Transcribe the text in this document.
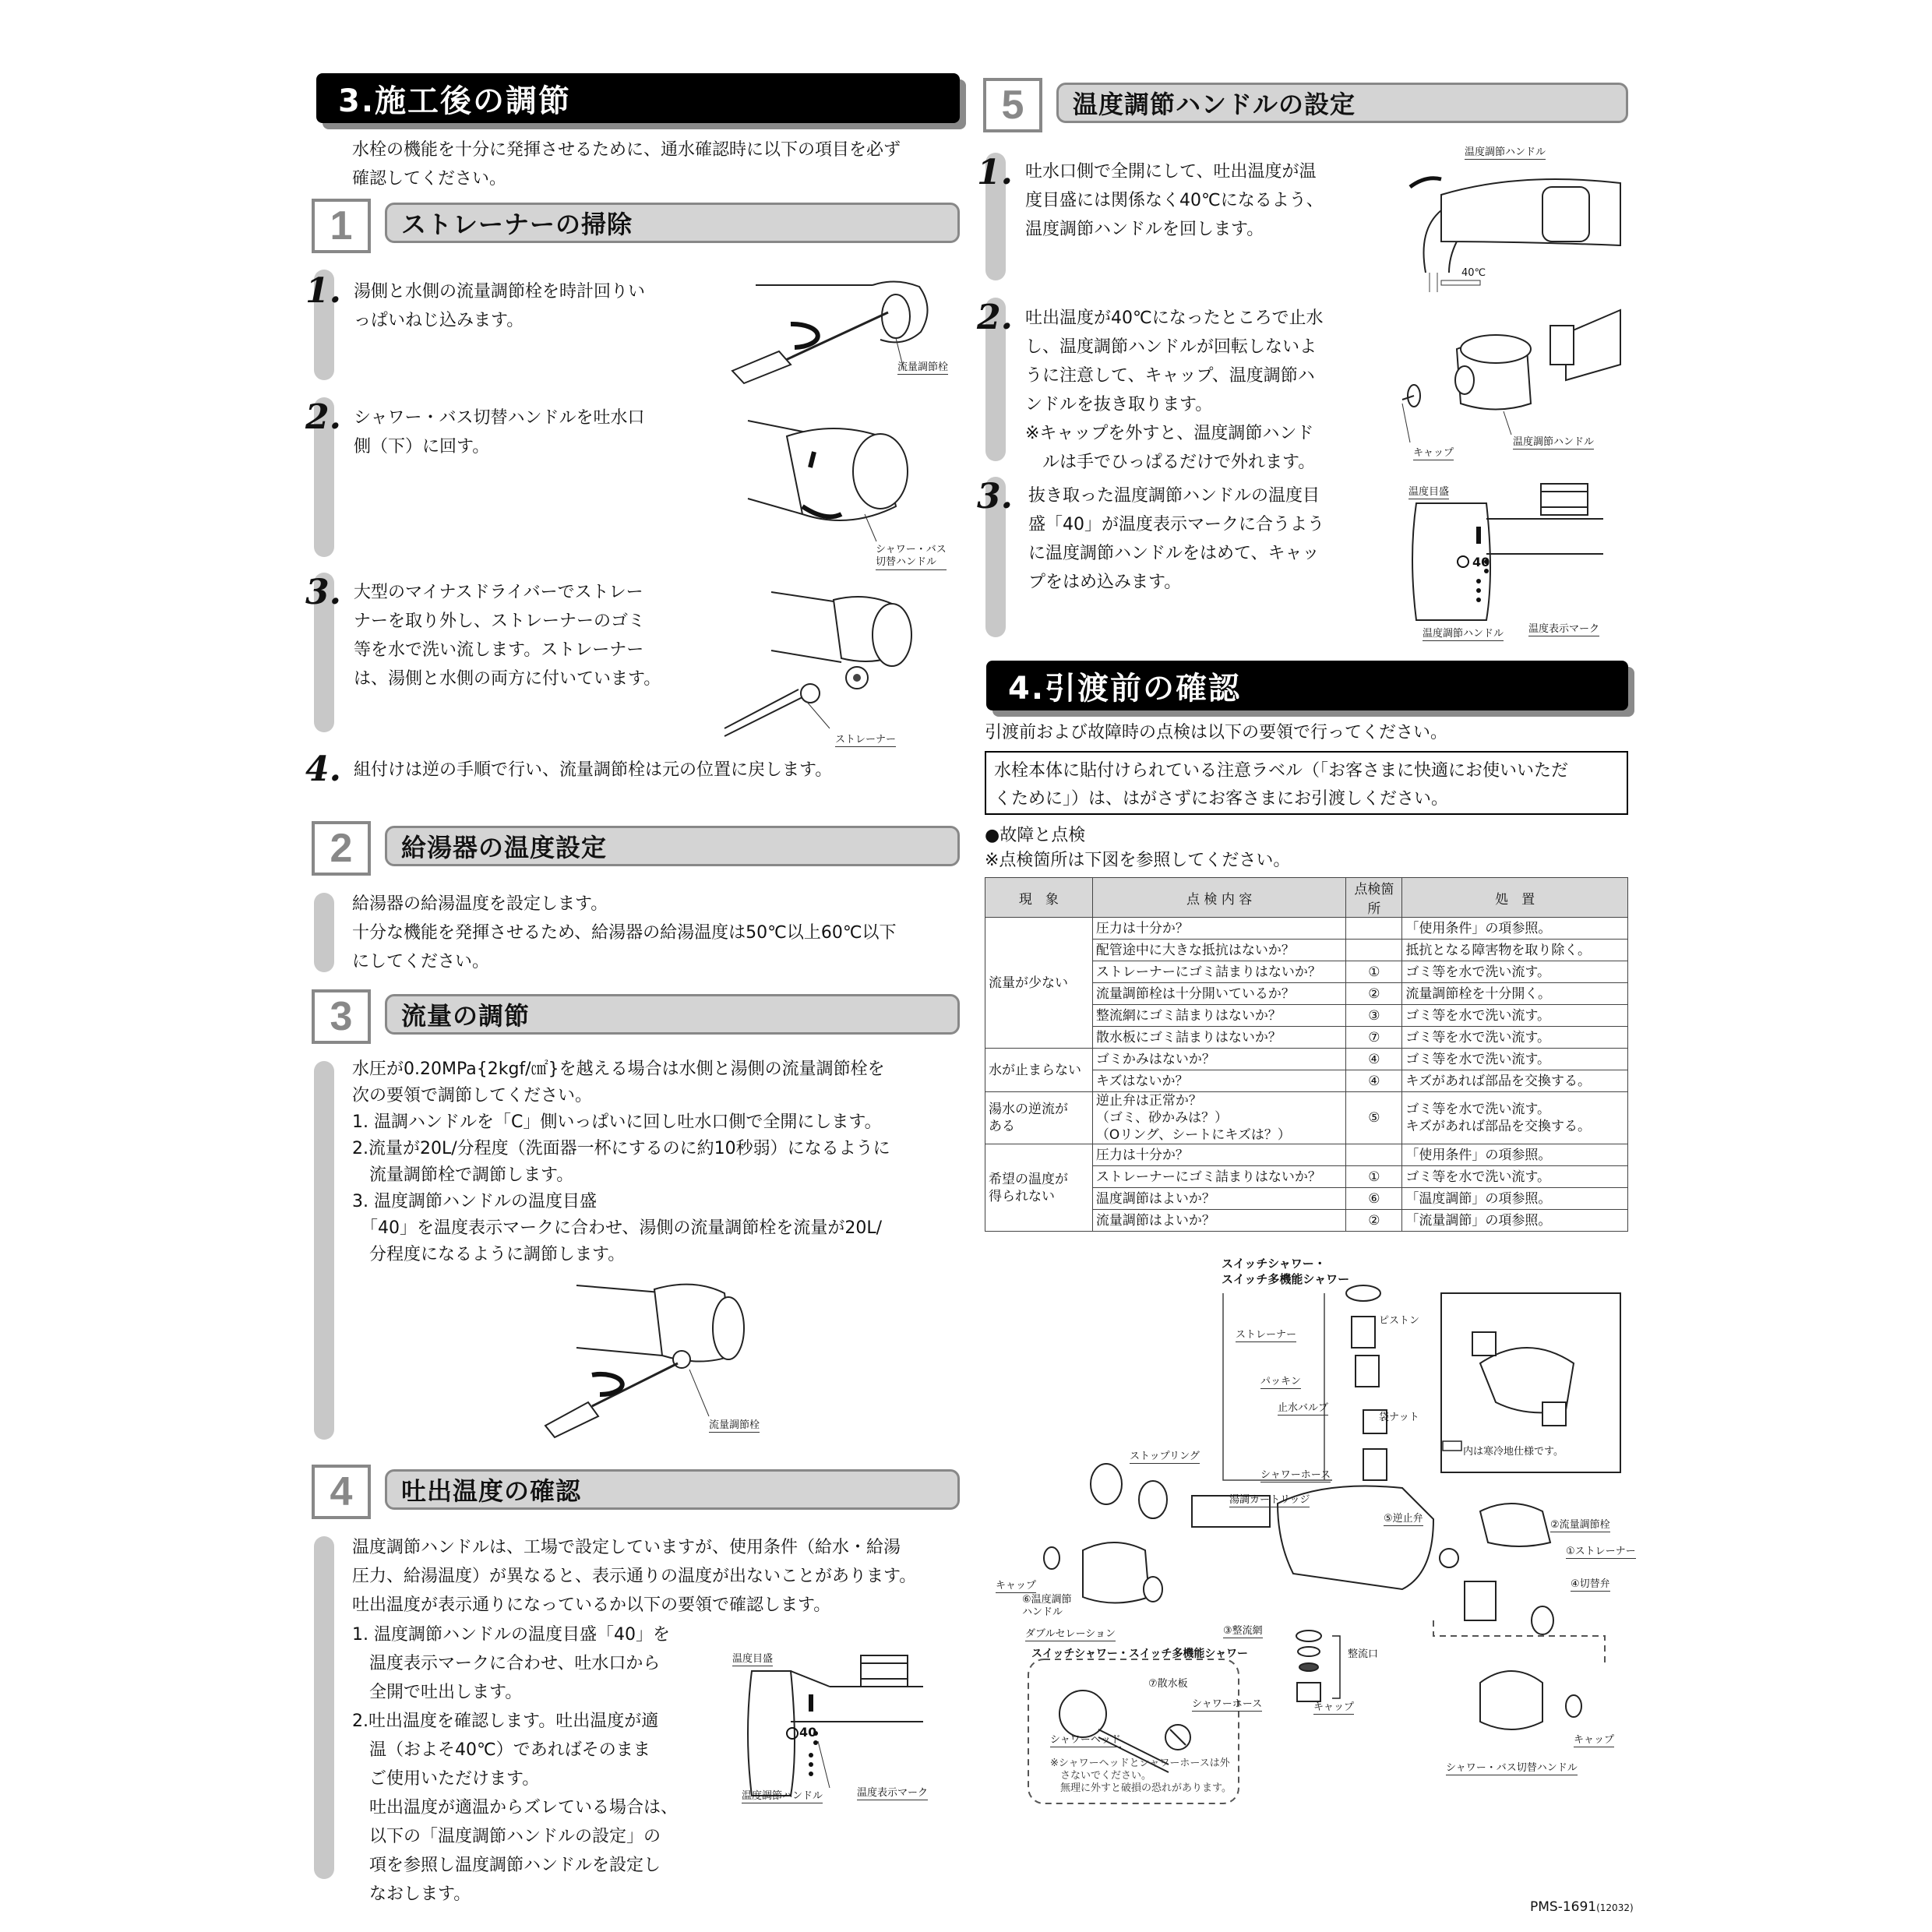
3.施工後の調節
水栓の機能を十分に発揮させるために、通水確認時に以下の項目を必ず
確認してください。
1	ストレーナーの掃除
1. 湯側と水側の流量調節栓を時計回りい
っぱいねじ込みます。
流量調節栓
2. シャワー・バス切替ハンドルを吐水口
側（下）に回す。
シャワー・バス
切替ハンドル
3. 大型のマイナスドライバーでストレー
ナーを取り外し、ストレーナーのゴミ
等を水で洗い流します。ストレーナー
は、湯側と水側の両方に付いています。
ストレーナー
4. 組付けは逆の手順で行い、流量調節栓は元の位置に戻します。
2	給湯器の温度設定
給湯器の給湯温度を設定します。
十分な機能を発揮させるため、給湯器の給湯温度は50℃以上60℃以下
にしてください。
3	流量の調節
水圧が0.20MPa{2kgf/㎠}を越える場合は水側と湯側の流量調節栓を
次の要領で調節してください。
1. 温調ハンドルを「C」側いっぱいに回し吐水口側で全開にします。
2.流量が20L/分程度（洗面器一杯にするのに約10秒弱）になるように
　流量調節栓で調節します。
3. 温度調節ハンドルの温度目盛
　「40」を温度表示マークに合わせ、湯側の流量調節栓を流量が20L/
　分程度になるように調節します。
流量調節栓
4	吐出温度の確認
温度調節ハンドルは、工場で設定していますが、使用条件（給水・給湯
圧力、給湯温度）が異なると、表示通りの温度が出ないことがあります。
吐出温度が表示通りになっているか以下の要領で確認します。
1. 温度調節ハンドルの温度目盛「40」を
　温度表示マークに合わせ、吐水口から
　全開で吐出します。
2.吐出温度を確認します。吐出温度が適
　温（およそ40℃）であればそのまま
　ご使用いただけます。
　吐出温度が適温からズレている場合は、
　以下の「温度調節ハンドルの設定」の
　項を参照し温度調節ハンドルを設定し
　なおします。
40
温度目盛
温度調節ハンドル	温度表示マーク
5	温度調節ハンドルの設定
1. 吐水口側で全開にして、吐出温度が温
度目盛には関係なく40℃になるよう、
温度調節ハンドルを回します。
温度調節ハンドル
40℃
2. 吐出温度が40℃になったところで止水
し、温度調節ハンドルが回転しないよ
うに注意して、キャップ、温度調節ハ
ンドルを抜き取ります。
※キャップを外すと、温度調節ハンド
　ルは手でひっぱるだけで外れます。	キャップ
温度調節ハンドル
3. 抜き取った温度調節ハンドルの温度目
盛「40」が温度表示マークに合うよう
に温度調節ハンドルをはめて、キャッ
プをはめ込みます。
40
温度目盛
温度調節ハンドル 温度表示マーク
4.引渡前の確認
引渡前および故障時の点検は以下の要領で行ってください。
水栓本体に貼付けられている注意ラベル（「お客さまに快適にお使いいただ
くために」）は、はがさずにお客さまにお引渡しください。
●故障と点検
※点検箇所は下図を参照してください。
現　象	点 検 内 容	点検箇所	処　置
流量が少ない	圧力は十分か？		「使用条件」の項参照。
	配管途中に大きな抵抗はないか？		抵抗となる障害物を取り除く。
	ストレーナーにゴミ詰まりはないか？	①	ゴミ等を水で洗い流す。
	流量調節栓は十分開いているか？	②	流量調節栓を十分開く。
	整流網にゴミ詰まりはないか？	③	ゴミ等を水で洗い流す。
	散水板にゴミ詰まりはないか？	⑦	ゴミ等を水で洗い流す。
水が止まらない	ゴミかみはないか？	④	ゴミ等を水で洗い流す。
	キズはないか？	④	キズがあれば部品を交換する。
湯水の逆流が
ある	逆止弁は正常か？
（ゴミ、砂かみは？）
（Oリング、シートにキズは？）	⑤	ゴミ等を水で洗い流す。
キズがあれば部品を交換する。
希望の温度が
得られない	圧力は十分か？		「使用条件」の項参照。
	ストレーナーにゴミ詰まりはないか？	①	ゴミ等を水で洗い流す。
	温度調節はよいか？	⑥	「温度調節」の項参照。
	流量調節はよいか？	②	「流量調節」の項参照。
スイッチシャワー・
スイッチ多機能シャワー
ピストン
ストレーナー
パッキン
止水バルブ
袋ナット
シャワーホース
内は寒冷地仕様です。
ストップリング
湯調カートリッジ
⑤逆止弁
②流量調節栓
①ストレーナー
④切替弁
キャップ
⑥温度調節
ハンドル
ダブルセレーション	③整流網
整流口
スイッチシャワー・スイッチ多機能シャワー
キャップ
⑦散水板
シャワーホース
シャワーヘッド
※シャワーヘッドとシャワーホースは外
　さないでください。
　無理に外すと破損の恐れがあります。
キャップ
シャワー・バス切替ハンドル
PMS-1691(12032)
